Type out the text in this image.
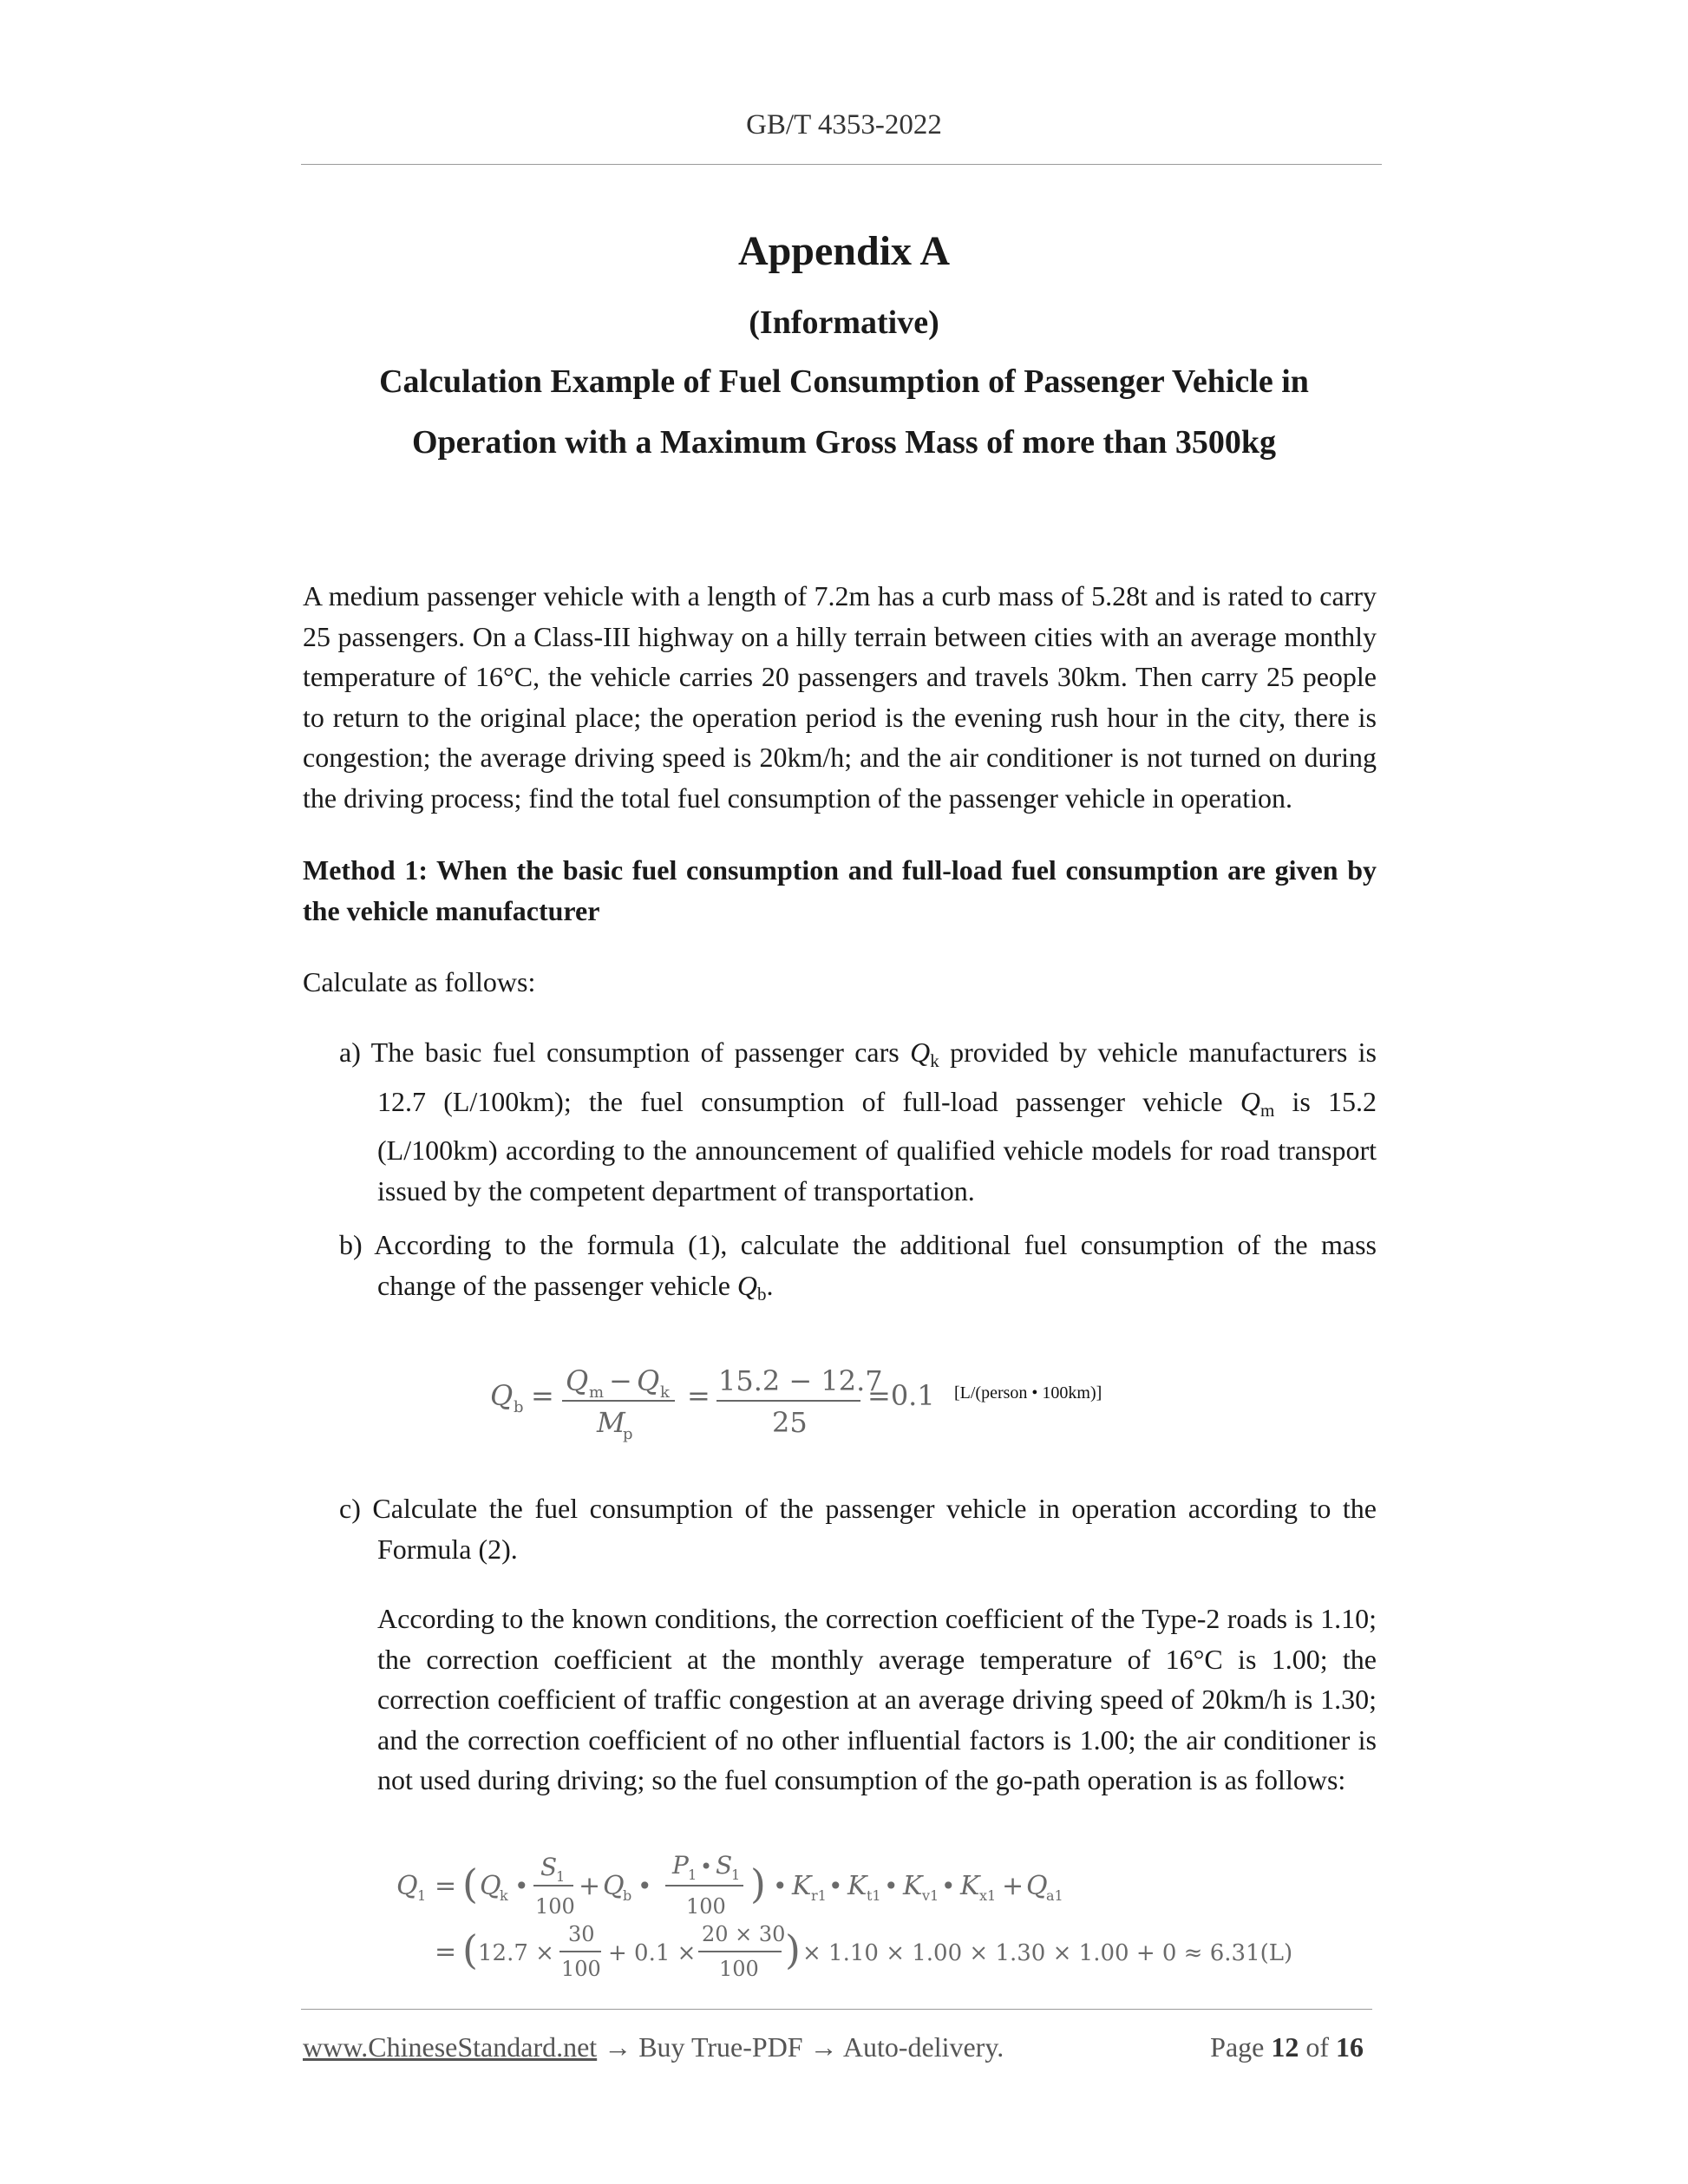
GB/T 4353-2022
Appendix A
(Informative)
Calculation Example of Fuel Consumption of Passenger Vehicle in
Operation with a Maximum Gross Mass of more than 3500kg
A medium passenger vehicle with a length of 7.2m has a curb mass of 5.28t and is rated to carry 25 passengers. On a Class-III highway on a hilly terrain between cities with an average monthly temperature of 16°C, the vehicle carries 20 passengers and travels 30km. Then carry 25 people to return to the original place; the operation period is the evening rush hour in the city, there is congestion; the average driving speed is 20km/h; and the air conditioner is not turned on during the driving process; find the total fuel consumption of the passenger vehicle in operation.
Method 1: When the basic fuel consumption and full-load fuel consumption are given by the vehicle manufacturer
Calculate as follows:
a) The basic fuel consumption of passenger cars $Q_k$ provided by vehicle manufacturers is 12.7 (L/100km); the fuel consumption of full-load passenger vehicle $Q_m$ is 15.2 (L/100km) according to the announcement of qualified vehicle models for road transport issued by the competent department of transportation.
b) According to the formula (1), calculate the additional fuel consumption of the mass change of the passenger vehicle $Q_b$.
Q b = Q m − Q k
M
p
= 15.2 − 12.7
25
=0.1 [L/(person • 100km)]
c) Calculate the fuel consumption of the passenger vehicle in operation according to the Formula (2).
According to the known conditions, the correction coefficient of the Type-2 roads is 1.10; the correction coefficient at the monthly average temperature of 16°C is 1.00; the correction coefficient of traffic congestion at an average driving speed of 20km/h is 1.30; and the correction coefficient of no other influential factors is 1.00; the air conditioner is not used during driving; so the fuel consumption of the go-path operation is as follows:
Q 1 = ( Q
k •
S
1
100
+ Q
b •
P 1 • S
1
100 ) • K r1 • K t1 • K v1 • K x1 + Q
a1
= ( 12.7 ×
30
100
+ 0.1 ×
20 × 30
100 ) × 1.10 × 1.00 × 1.30 × 1.00 + 0 ≈ 6.31(L)
www.ChineseStandard.net → Buy True-PDF → Auto-delivery.	Page 12 of 16
